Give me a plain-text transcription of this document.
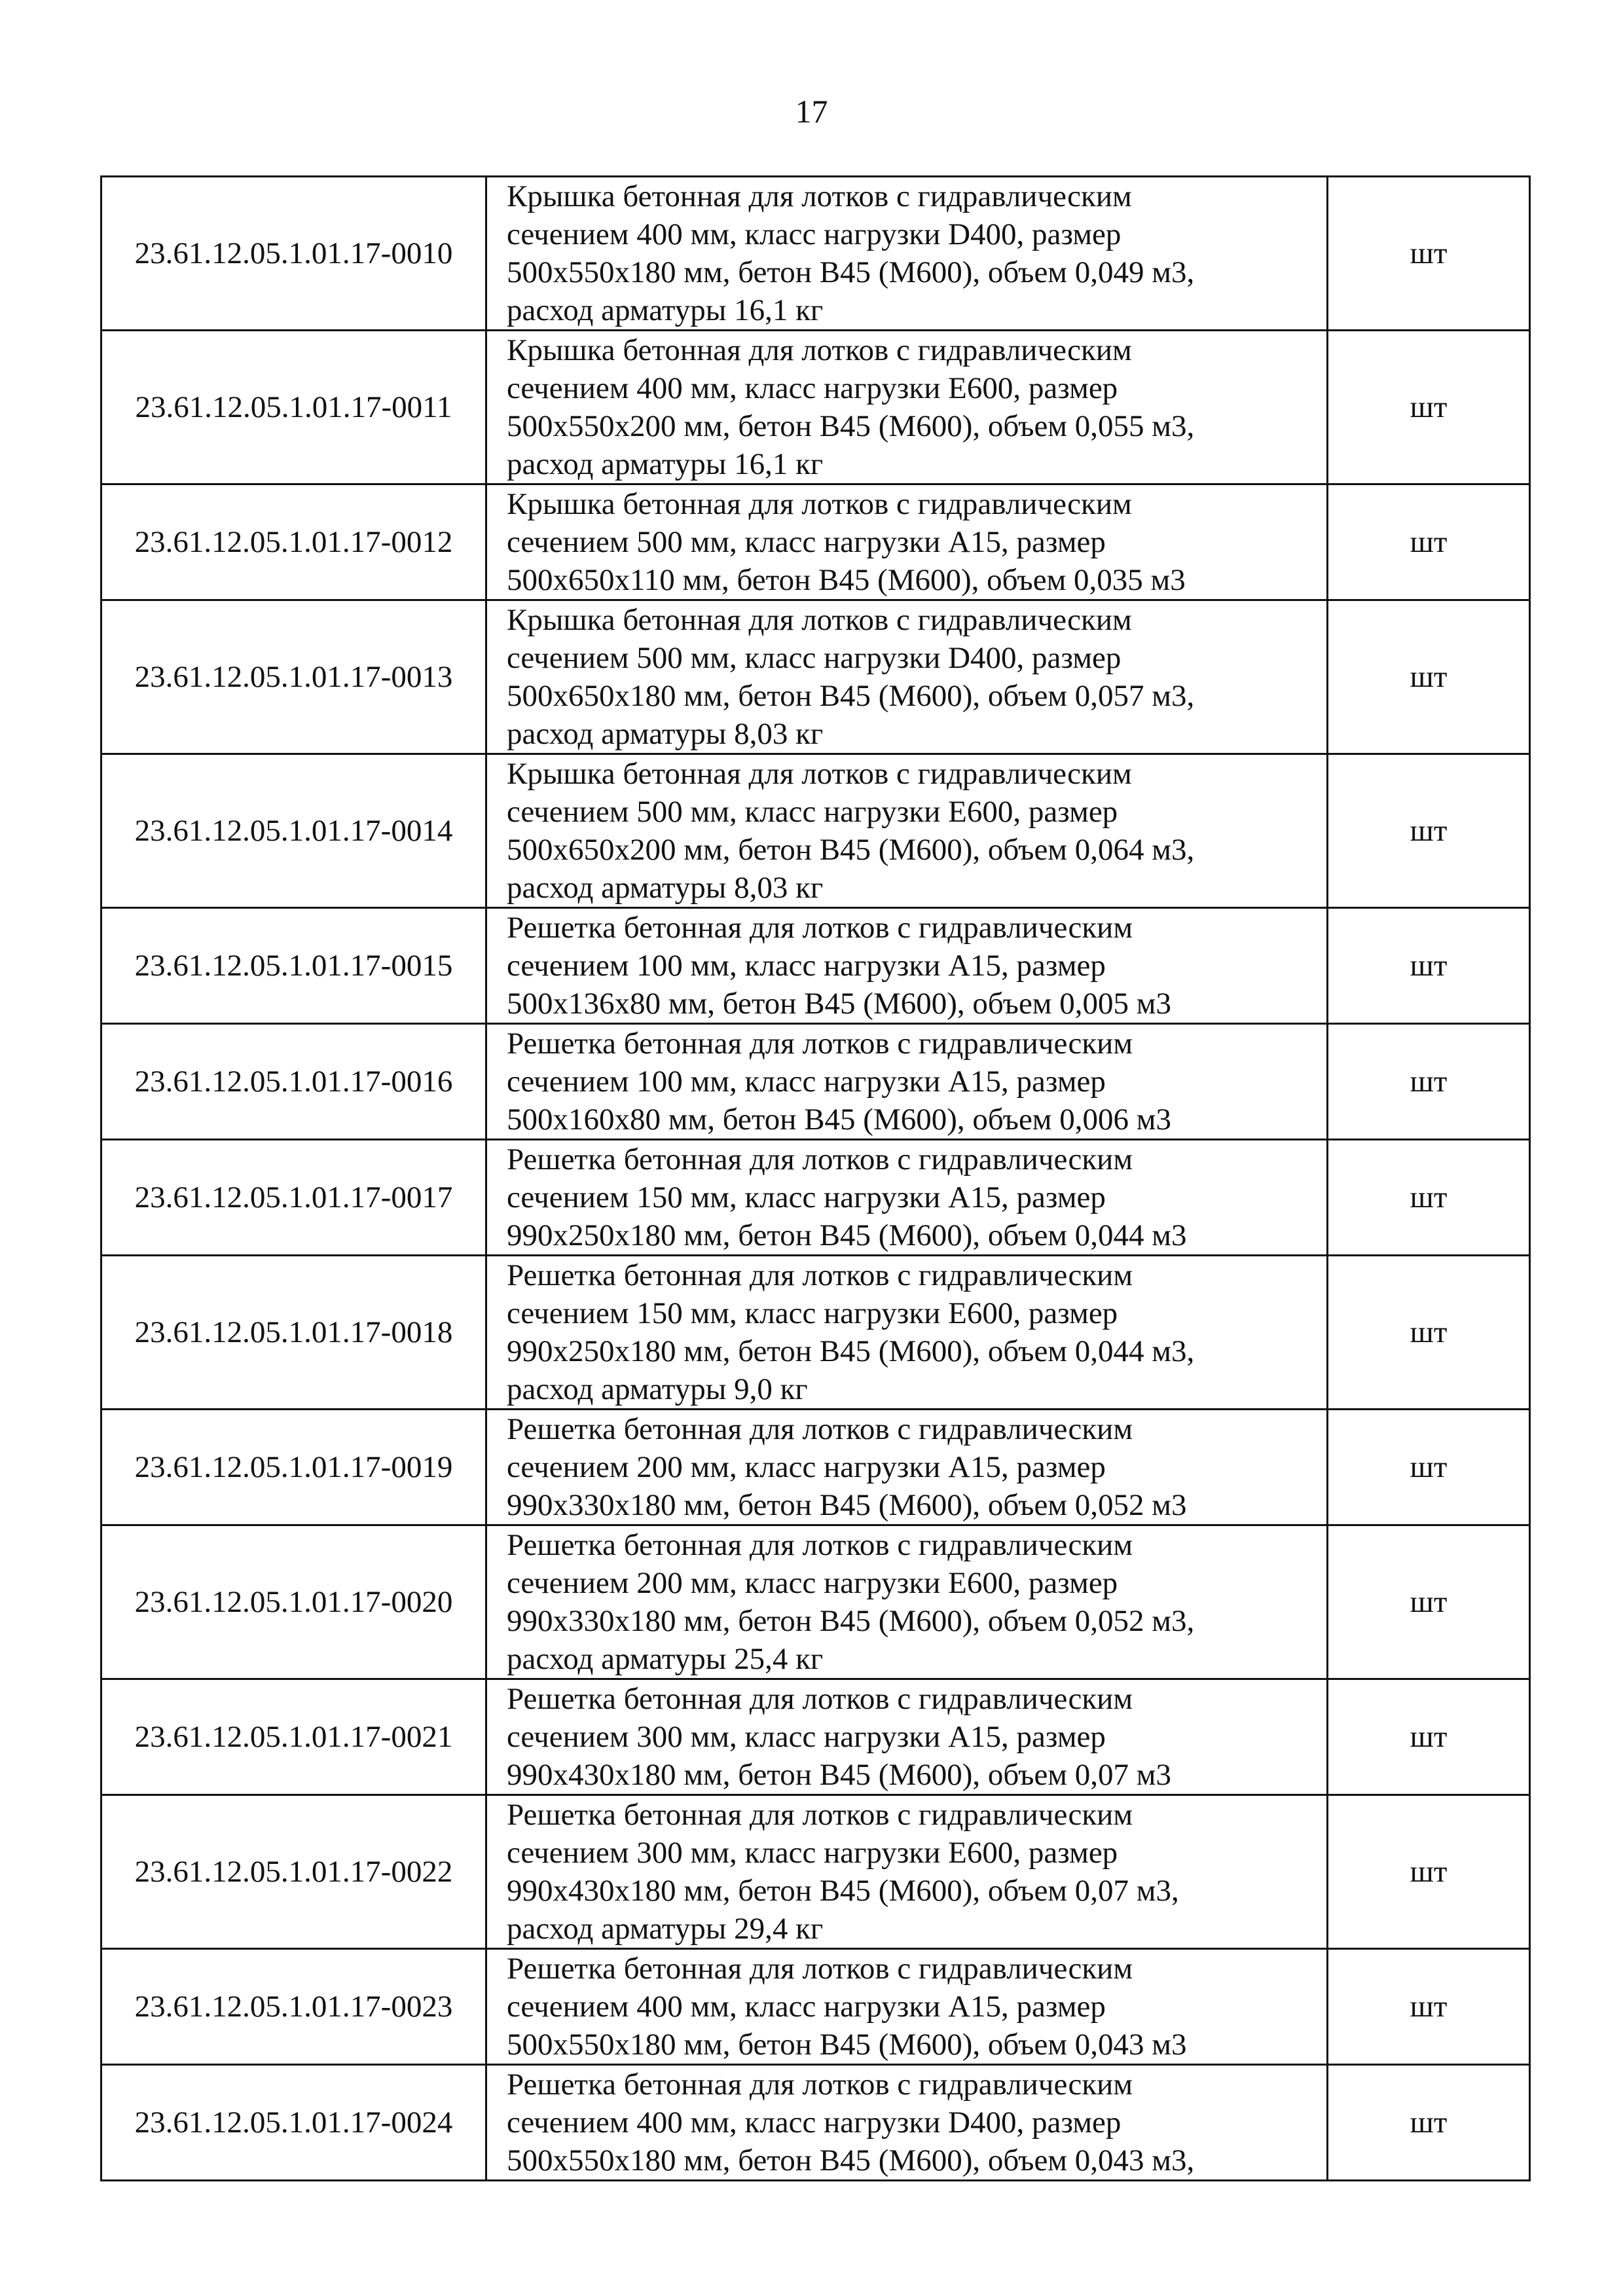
17
23.61.12.05.1.01.17-0010	Крышка бетонная для лотков с гидравлическим
сечением 400 мм, класс нагрузки D400, размер
500х550х180 мм, бетон В45 (М600), объем 0,049 м3,
расход арматуры 16,1 кг	шт
23.61.12.05.1.01.17-0011	Крышка бетонная для лотков с гидравлическим
сечением 400 мм, класс нагрузки Е600, размер
500х550х200 мм, бетон В45 (М600), объем 0,055 м3,
расход арматуры 16,1 кг	шт
23.61.12.05.1.01.17-0012	Крышка бетонная для лотков с гидравлическим
сечением 500 мм, класс нагрузки А15, размер
500х650х110 мм, бетон В45 (М600), объем 0,035 м3	шт
23.61.12.05.1.01.17-0013	Крышка бетонная для лотков с гидравлическим
сечением 500 мм, класс нагрузки D400, размер
500х650х180 мм, бетон В45 (М600), объем 0,057 м3,
расход арматуры 8,03 кг	шт
23.61.12.05.1.01.17-0014	Крышка бетонная для лотков с гидравлическим
сечением 500 мм, класс нагрузки Е600, размер
500х650х200 мм, бетон В45 (М600), объем 0,064 м3,
расход арматуры 8,03 кг	шт
23.61.12.05.1.01.17-0015	Решетка бетонная для лотков с гидравлическим
сечением 100 мм, класс нагрузки А15, размер
500х136х80 мм, бетон В45 (М600), объем 0,005 м3	шт
23.61.12.05.1.01.17-0016	Решетка бетонная для лотков с гидравлическим
сечением 100 мм, класс нагрузки А15, размер
500х160х80 мм, бетон В45 (М600), объем 0,006 м3	шт
23.61.12.05.1.01.17-0017	Решетка бетонная для лотков с гидравлическим
сечением 150 мм, класс нагрузки А15, размер
990х250х180 мм, бетон В45 (М600), объем 0,044 м3	шт
23.61.12.05.1.01.17-0018	Решетка бетонная для лотков с гидравлическим
сечением 150 мм, класс нагрузки Е600, размер
990х250х180 мм, бетон В45 (М600), объем 0,044 м3,
расход арматуры 9,0 кг	шт
23.61.12.05.1.01.17-0019	Решетка бетонная для лотков с гидравлическим
сечением 200 мм, класс нагрузки А15, размер
990х330х180 мм, бетон В45 (М600), объем 0,052 м3	шт
23.61.12.05.1.01.17-0020	Решетка бетонная для лотков с гидравлическим
сечением 200 мм, класс нагрузки Е600, размер
990х330х180 мм, бетон В45 (М600), объем 0,052 м3,
расход арматуры 25,4 кг	шт
23.61.12.05.1.01.17-0021	Решетка бетонная для лотков с гидравлическим
сечением 300 мм, класс нагрузки А15, размер
990х430х180 мм, бетон В45 (М600), объем 0,07 м3	шт
23.61.12.05.1.01.17-0022	Решетка бетонная для лотков с гидравлическим
сечением 300 мм, класс нагрузки Е600, размер
990х430х180 мм, бетон В45 (М600), объем 0,07 м3,
расход арматуры 29,4 кг	шт
23.61.12.05.1.01.17-0023	Решетка бетонная для лотков с гидравлическим
сечением 400 мм, класс нагрузки А15, размер
500х550х180 мм, бетон В45 (М600), объем 0,043 м3	шт
23.61.12.05.1.01.17-0024	Решетка бетонная для лотков с гидравлическим
сечением 400 мм, класс нагрузки D400, размер
500х550х180 мм, бетон В45 (М600), объем 0,043 м3,	шт
